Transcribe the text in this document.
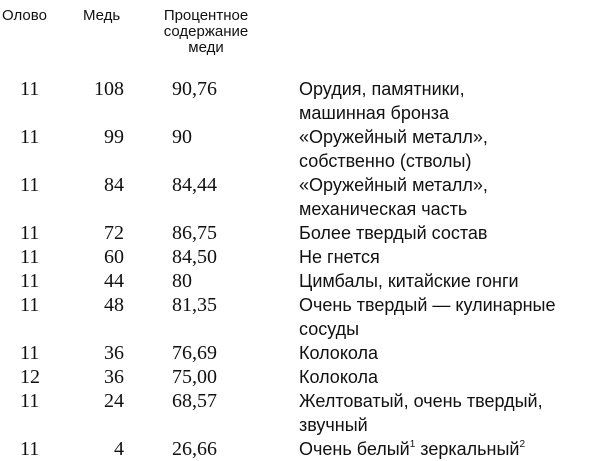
Олово Медь	Процентное
содержание
меди
11	108 90,76	Орудия, памятники,
машинная бронза
11	99 90	«Оружейный металл»,
собственно (стволы)
11	84 84,44	«Оружейный металл»,
механическая часть
11	72 86,75	Более твердый состав
11	60 84,50	Не гнется
11	44 80	Цимбалы, китайские гонги
11	48 81,35	Очень твердый — кулинарные
сосуды
11	36 76,69	Колокола
12	36 75,00	Колокола
11	24 68,57	Желтоватый, очень твердый,
звучный
11	4 26,66	Очень белый$^1$ зеркальный$^2$
